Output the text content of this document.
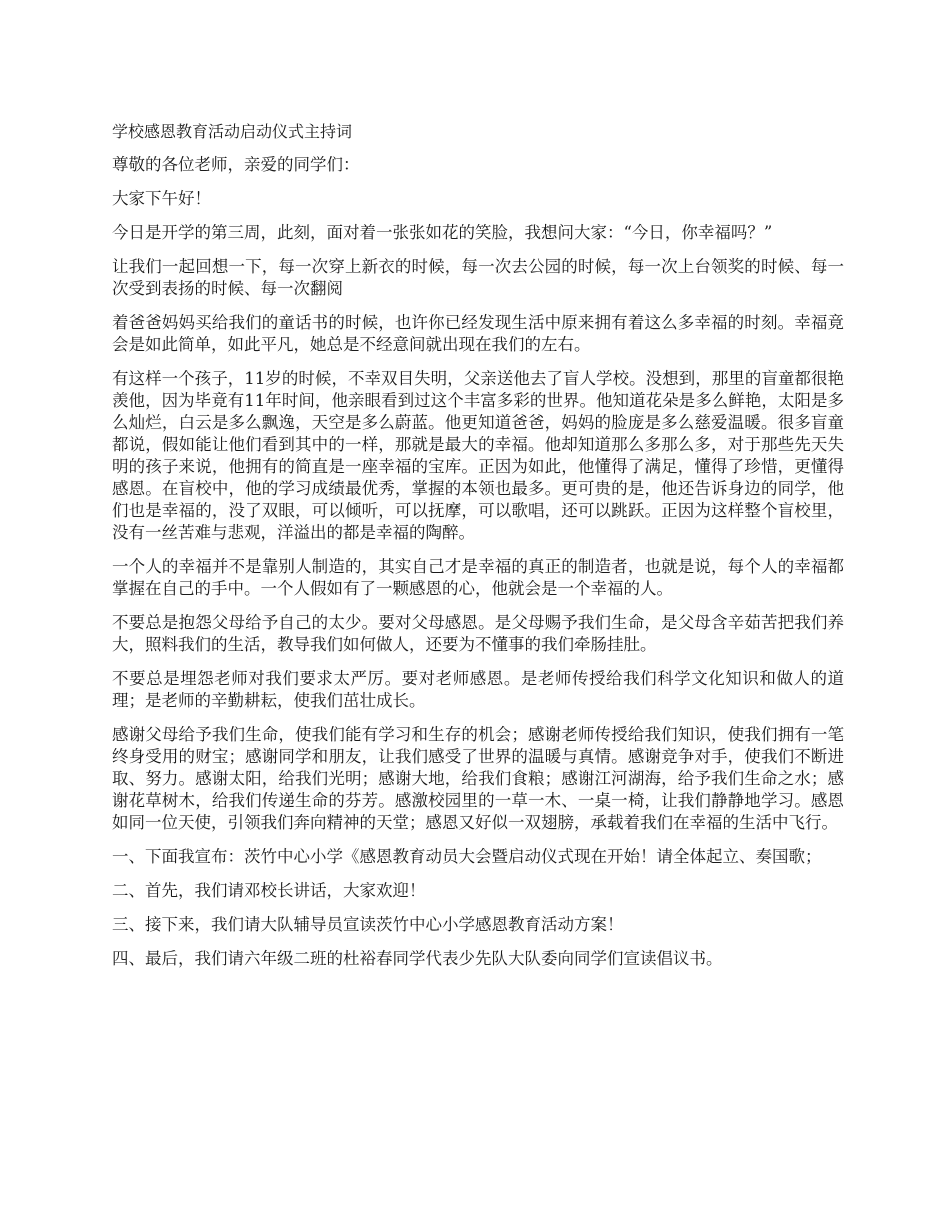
学校感恩教育活动启动仪式主持词

尊敬的各位老师，亲爱的同学们：

大家下午好！

今日是开学的第三周，此刻，面对着一张张如花的笑脸，我想问大家：“今日，你幸福吗？”

让我们一起回想一下，每一次穿上新衣的时候，每一次去公园的时候，每一次上台领奖的时候、每一次受到表扬的时候、每一次翻阅

着爸爸妈妈买给我们的童话书的时候，也许你已经发现生活中原来拥有着这么多幸福的时刻。幸福竟会是如此简单，如此平凡，她总是不经意间就出现在我们的左右。

有这样一个孩子，11岁的时候，不幸双目失明，父亲送他去了盲人学校。没想到，那里的盲童都很艳羡他，因为毕竟有11年时间，他亲眼看到过这个丰富多彩的世界。他知道花朵是多么鲜艳，太阳是多么灿烂，白云是多么飘逸，天空是多么蔚蓝。他更知道爸爸，妈妈的脸庞是多么慈爱温暖。很多盲童都说，假如能让他们看到其中的一样，那就是最大的幸福。他却知道那么多那么多，对于那些先天失明的孩子来说，他拥有的简直是一座幸福的宝库。正因为如此，他懂得了满足，懂得了珍惜，更懂得感恩。在盲校中，他的学习成绩最优秀，掌握的本领也最多。更可贵的是，他还告诉身边的同学，他们也是幸福的，没了双眼，可以倾听，可以抚摩，可以歌唱，还可以跳跃。正因为这样整个盲校里，没有一丝苦难与悲观，洋溢出的都是幸福的陶醉。

一个人的幸福并不是靠别人制造的，其实自己才是幸福的真正的制造者，也就是说，每个人的幸福都掌握在自己的手中。一个人假如有了一颗感恩的心，他就会是一个幸福的人。

不要总是抱怨父母给予自己的太少。要对父母感恩。是父母赐予我们生命，是父母含辛茹苦把我们养大，照料我们的生活，教导我们如何做人，还要为不懂事的我们牵肠挂肚。

不要总是埋怨老师对我们要求太严厉。要对老师感恩。是老师传授给我们科学文化知识和做人的道理；是老师的辛勤耕耘，使我们茁壮成长。

感谢父母给予我们生命，使我们能有学习和生存的机会；感谢老师传授给我们知识，使我们拥有一笔终身受用的财宝；感谢同学和朋友，让我们感受了世界的温暖与真情。感谢竞争对手，使我们不断进取、努力。感谢太阳，给我们光明；感谢大地，给我们食粮；感谢江河湖海，给予我们生命之水；感谢花草树木，给我们传递生命的芬芳。感激校园里的一草一木、一桌一椅，让我们静静地学习。感恩如同一位天使，引领我们奔向精神的天堂；感恩又好似一双翅膀，承载着我们在幸福的生活中飞行。

一、下面我宣布：茨竹中心小学《感恩教育动员大会暨启动仪式现在开始！请全体起立、奏国歌；

二、首先，我们请邓校长讲话，大家欢迎！

三、接下来，我们请大队辅导员宣读茨竹中心小学感恩教育活动方案！

四、最后，我们请六年级二班的杜裕春同学代表少先队大队委向同学们宣读倡议书。
